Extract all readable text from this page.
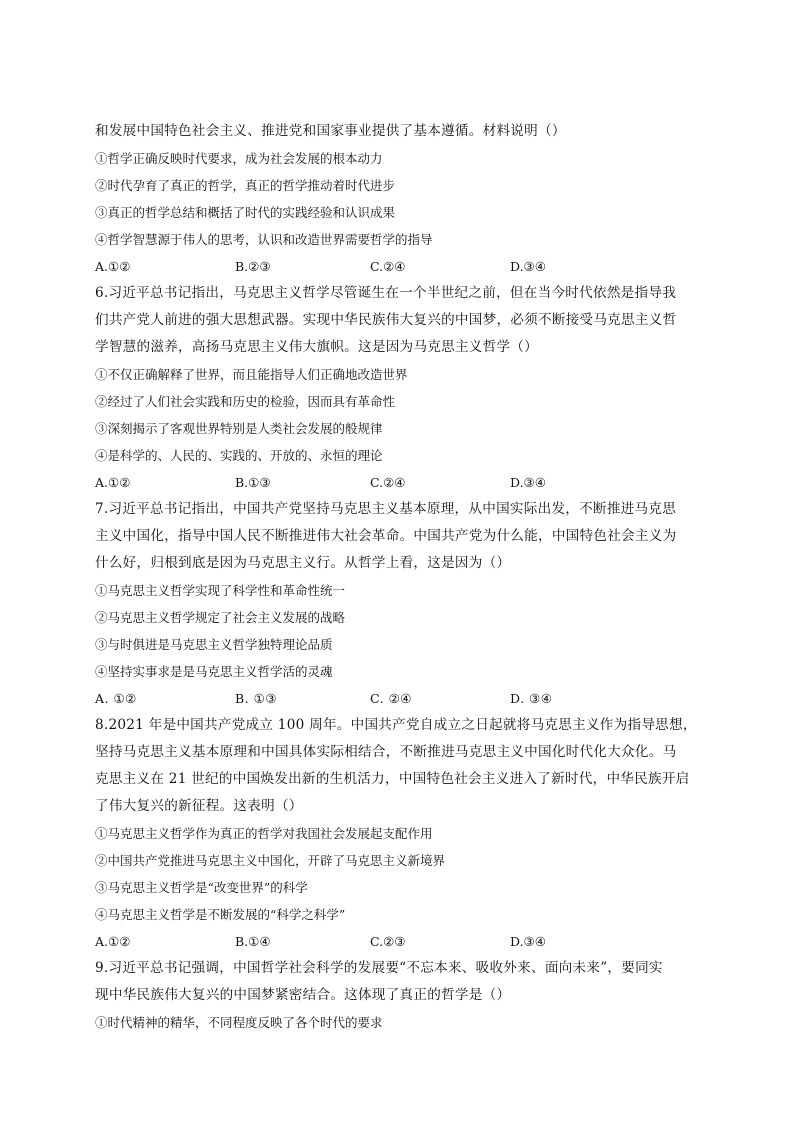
和发展中国特色社会主义、推进党和国家事业提供了基本遵循。材料说明（）
①哲学正确反映时代要求，成为社会发展的根本动力
②时代孕育了真正的哲学，真正的哲学推动着时代进步
③真正的哲学总结和概括了时代的实践经验和认识成果
④哲学智慧源于伟人的思考，认识和改造世界需要哲学的指导
A.①②	B.②③	C.②④	D.③④
6.习近平总书记指出，马克思主义哲学尽管诞生在一个半世纪之前，但在当今时代依然是指导我
们共产党人前进的强大思想武器。实现中华民族伟大复兴的中国梦，必须不断接受马克思主义哲
学智慧的滋养，高扬马克思主义伟大旗帜。这是因为马克思主义哲学（）
①不仅正确解释了世界，而且能指导人们正确地改造世界
②经过了人们社会实践和历史的检验，因而具有革命性
③深刻揭示了客观世界特别是人类社会发展的般规律
④是科学的、人民的、实践的、开放的、永恒的理论
A.①②	B.①③	C.②④	D.③④
7.习近平总书记指出，中国共产党坚持马克思主义基本原理，从中国实际出发，不断推进马克思
主义中国化，指导中国人民不断推进伟大社会革命。中国共产党为什么能，中国特色社会主义为
什么好，归根到底是因为马克思主义行。从哲学上看，这是因为（）
①马克思主义哲学实现了科学性和革命性统一
②马克思主义哲学规定了社会主义发展的战略
③与时俱进是马克思主义哲学独特理论品质
④坚持实事求是是马克思主义哲学活的灵魂
A. ①②	B. ①③	C. ②④	D. ③④
8.2021 年是中国共产党成立 100 周年。中国共产党自成立之日起就将马克思主义作为指导思想，
坚持马克思主义基本原理和中国具体实际相结合，不断推进马克思主义中国化时代化大众化。马
克思主义在 21 世纪的中国焕发出新的生机活力，中国特色社会主义进入了新时代，中华民族开启
了伟大复兴的新征程。这表明（）
①马克思主义哲学作为真正的哲学对我国社会发展起支配作用
②中国共产党推进马克思主义中国化，开辟了马克思主义新境界
③马克思主义哲学是“改变世界”的科学
④马克思主义哲学是不断发展的“科学之科学”
A.①②	B.①④	C.②③	D.③④
9.习近平总书记强调，中国哲学社会科学的发展要“不忘本来、吸收外来、面向未来”，要同实
现中华民族伟大复兴的中国梦紧密结合。这体现了真正的哲学是（）
①时代精神的精华，不同程度反映了各个时代的要求
